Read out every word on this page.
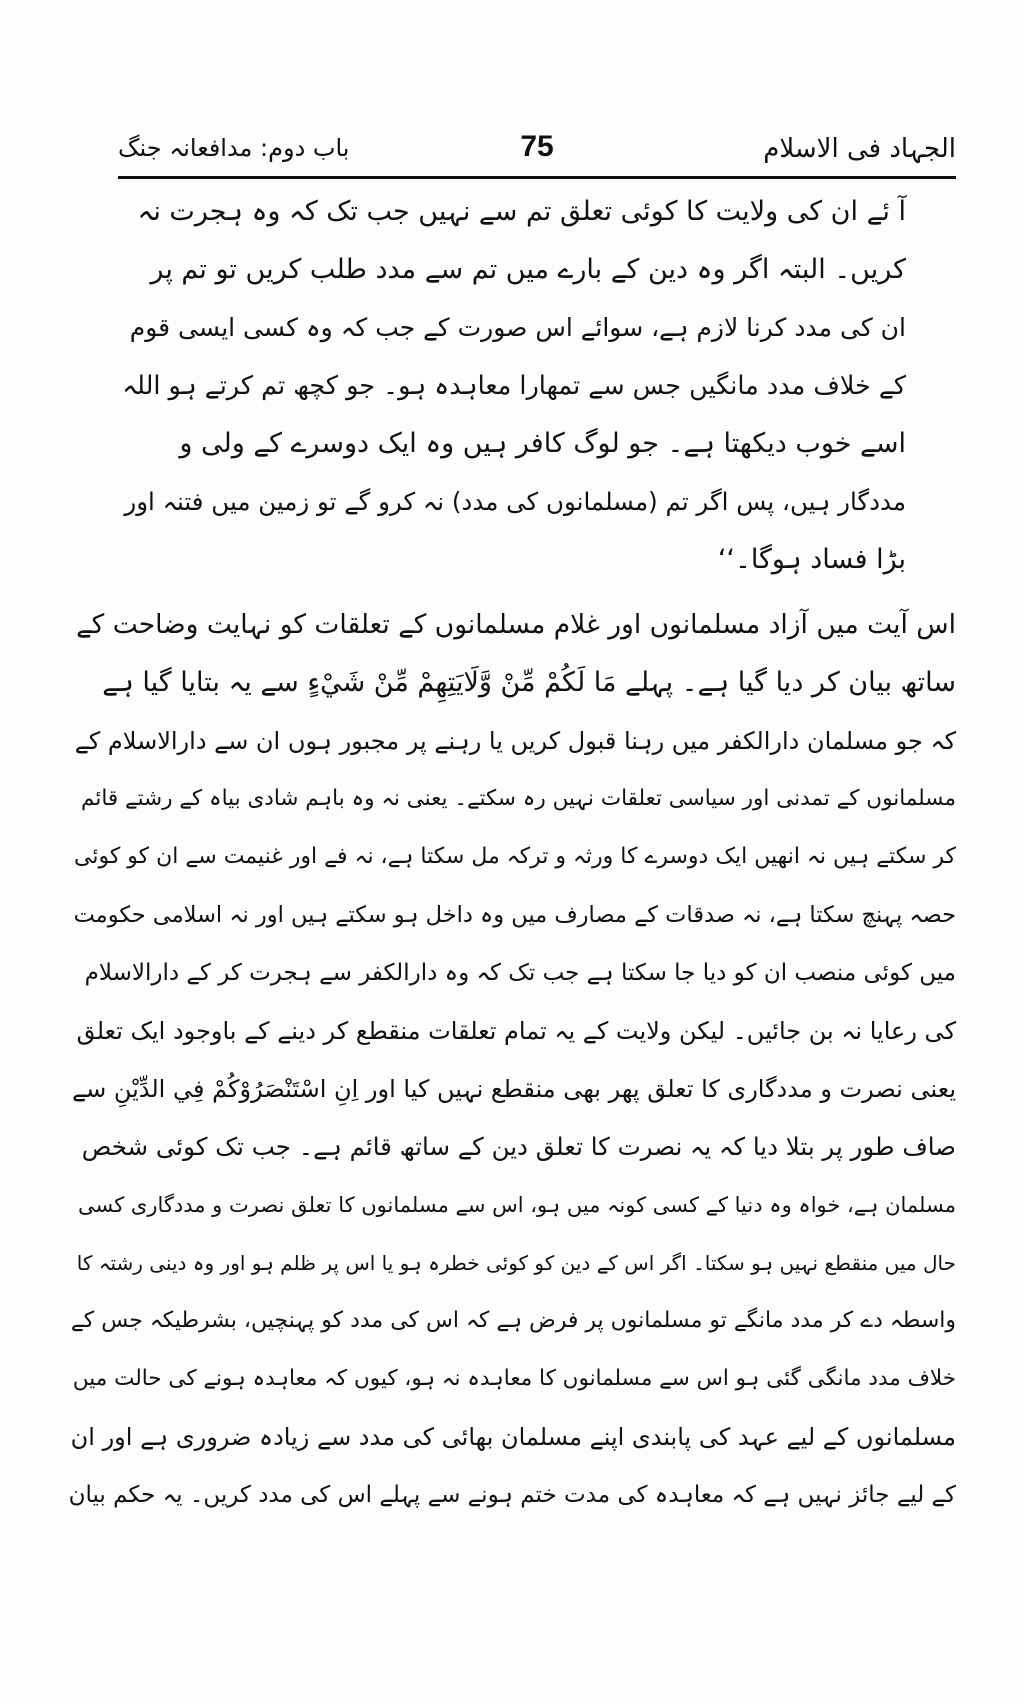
الجہاد فی الاسلام
75
باب دوم: مدافعانہ جنگ
آ ئے ان کی ولایت کا کوئی تعلق تم سے نہیں جب تک کہ وہ ہجرت نہ
کریں۔ البتہ اگر وہ دین کے بارے میں تم سے مدد طلب کریں تو تم پر
ان کی مدد کرنا لازم ہے، سوائے اس صورت کے جب کہ وہ کسی ایسی قوم
کے خلاف مدد مانگیں جس سے تمھارا معاہدہ ہو۔ جو کچھ تم کرتے ہو اللہ
اسے خوب دیکھتا ہے۔ جو لوگ کافر ہیں وہ ایک دوسرے کے ولی و
مددگار ہیں، پس اگر تم (مسلمانوں کی مدد) نہ کرو گے تو زمین میں فتنہ اور
بڑا فساد ہوگا۔‘‘
اس آیت میں آزاد مسلمانوں اور غلام مسلمانوں کے تعلقات کو نہایت وضاحت کے
ساتھ بیان کر دیا گیا ہے۔ پہلے مَا لَكُمْ مِّنْ وَّلَايَتِهِمْ مِّنْ شَيْءٍ سے یہ بتایا گیا ہے
کہ جو مسلمان دارالکفر میں رہنا قبول کریں یا رہنے پر مجبور ہوں ان سے دارالاسلام کے
مسلمانوں کے تمدنی اور سیاسی تعلقات نہیں رہ سکتے۔ یعنی نہ وہ باہم شادی بیاہ کے رشتے قائم
کر سکتے ہیں نہ انھیں ایک دوسرے کا ورثہ و ترکہ مل سکتا ہے، نہ فے اور غنیمت سے ان کو کوئی
حصہ پہنچ سکتا ہے، نہ صدقات کے مصارف میں وہ داخل ہو سکتے ہیں اور نہ اسلامی حکومت
میں کوئی منصب ان کو دیا جا سکتا ہے جب تک کہ وہ دارالکفر سے ہجرت کر کے دارالاسلام
کی رعایا نہ بن جائیں۔ لیکن ولایت کے یہ تمام تعلقات منقطع کر دینے کے باوجود ایک تعلق
یعنی نصرت و مددگاری کا تعلق پھر بھی منقطع نہیں کیا اور اِنِ اسْتَنْصَرُوْكُمْ فِي الدِّيْنِ سے
صاف طور پر بتلا دیا کہ یہ نصرت کا تعلق دین کے ساتھ قائم ہے۔ جب تک کوئی شخص
مسلمان ہے، خواہ وہ دنیا کے کسی کونہ میں ہو، اس سے مسلمانوں کا تعلق نصرت و مددگاری کسی
حال میں منقطع نہیں ہو سکتا۔ اگر اس کے دین کو کوئی خطرہ ہو یا اس پر ظلم ہو اور وہ دینی رشتہ کا
واسطہ دے کر مدد مانگے تو مسلمانوں پر فرض ہے کہ اس کی مدد کو پہنچیں، بشرطیکہ جس کے
خلاف مدد مانگی گئی ہو اس سے مسلمانوں کا معاہدہ نہ ہو، کیوں کہ معاہدہ ہونے کی حالت میں
مسلمانوں کے لیے عہد کی پابندی اپنے مسلمان بھائی کی مدد سے زیادہ ضروری ہے اور ان
کے لیے جائز نہیں ہے کہ معاہدہ کی مدت ختم ہونے سے پہلے اس کی مدد کریں۔ یہ حکم بیان
